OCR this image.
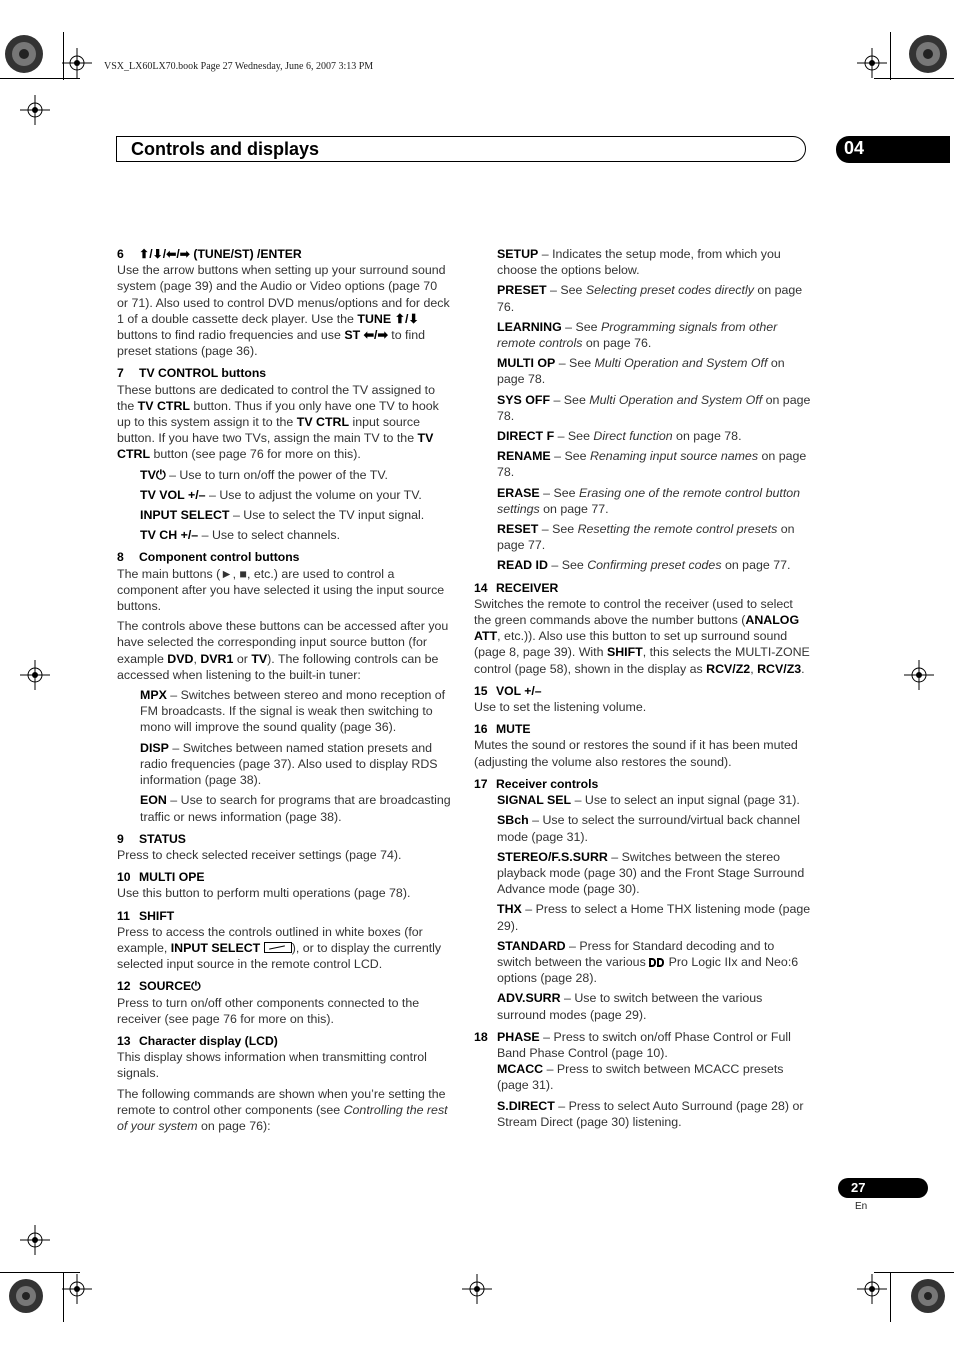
VSX_LX60LX70.book Page 27 Wednesday, June 6, 2007 3:13 PM
Controls and displays	04
6 ⬆/⬇/⬅/➡ (TUNE/ST) /ENTER
Use the arrow buttons when setting up your surround sound system (page 39) and the Audio or Video options (page 70 or 71). Also used to control DVD menus/options and for deck 1 of a double cassette deck player. Use the TUNE ⬆/⬇ buttons to find radio frequencies and use ST ⬅/➡ to find preset stations (page 36).
7 TV CONTROL buttons
These buttons are dedicated to control the TV assigned to the TV CTRL button. Thus if you only have one TV to hook up to this system assign it to the TV CTRL input source button. If you have two TVs, assign the main TV to the TV CTRL button (see page 76 for more on this).
TV⏻ – Use to turn on/off the power of the TV.
TV VOL +/– – Use to adjust the volume on your TV.
INPUT SELECT – Use to select the TV input signal.
TV CH +/– – Use to select channels.
8 Component control buttons
The main buttons (►, ■, etc.) are used to control a component after you have selected it using the input source buttons.
The controls above these buttons can be accessed after you have selected the corresponding input source button (for example DVD, DVR1 or TV). The following controls can be accessed when listening to the built-in tuner:
MPX – Switches between stereo and mono reception of FM broadcasts. If the signal is weak then switching to mono will improve the sound quality (page 36).
DISP – Switches between named station presets and radio frequencies (page 37). Also used to display RDS information (page 38).
EON – Use to search for programs that are broadcasting traffic or news information (page 38).
9 STATUS
Press to check selected receiver settings (page 74).
10 MULTI OPE
Use this button to perform multi operations (page 78).
11 SHIFT
Press to access the controls outlined in white boxes (for example, INPUT SELECT	), or to display the currently selected input source in the remote control LCD.
12 SOURCE⏻
Press to turn on/off other components connected to the receiver (see page 76 for more on this).
13 Character display (LCD)
This display shows information when transmitting control signals.
The following commands are shown when you’re setting the remote to control other components (see Controlling the rest of your system on page 76):
SETUP – Indicates the setup mode, from which you choose the options below.
PRESET – See Selecting preset codes directly on page 76.
LEARNING – See Programming signals from other remote controls on page 76.
MULTI OP – See Multi Operation and System Off on page 78.
SYS OFF – See Multi Operation and System Off on page 78.
DIRECT F – See Direct function on page 78.
RENAME – See Renaming input source names on page 78.
ERASE – See Erasing one of the remote control button settings on page 77.
RESET – See Resetting the remote control presets on page 77.
READ ID – See Confirming preset codes on page 77.
14 RECEIVER
Switches the remote to control the receiver (used to select the green commands above the number buttons (ANALOG ATT, etc.)). Also use this button to set up surround sound (page 8, page 39). With SHIFT, this selects the MULTI-ZONE control (page 58), shown in the display as RCV/Z2, RCV/Z3.
15 VOL +/–
Use to set the listening volume.
16 MUTE
Mutes the sound or restores the sound if it has been muted (adjusting the volume also restores the sound).
17 Receiver controls
SIGNAL SEL – Use to select an input signal (page 31).
SBch – Use to select the surround/virtual back channel mode (page 31).
STEREO/F.S.SURR – Switches between the stereo playback mode (page 30) and the Front Stage Surround Advance mode (page 30).
THX – Press to select a Home THX listening mode (page 29).
STANDARD – Press for Standard decoding and to switch between the various  Pro Logic IIx and Neo:6 options (page 28).
ADV.SURR – Use to switch between the various surround modes (page 29).
18 PHASE – Press to switch on/off Phase Control or Full Band Phase Control (page 10).
MCACC – Press to switch between MCACC presets (page 31).
S.DIRECT – Press to select Auto Surround (page 28) or Stream Direct (page 30) listening.
27
En
